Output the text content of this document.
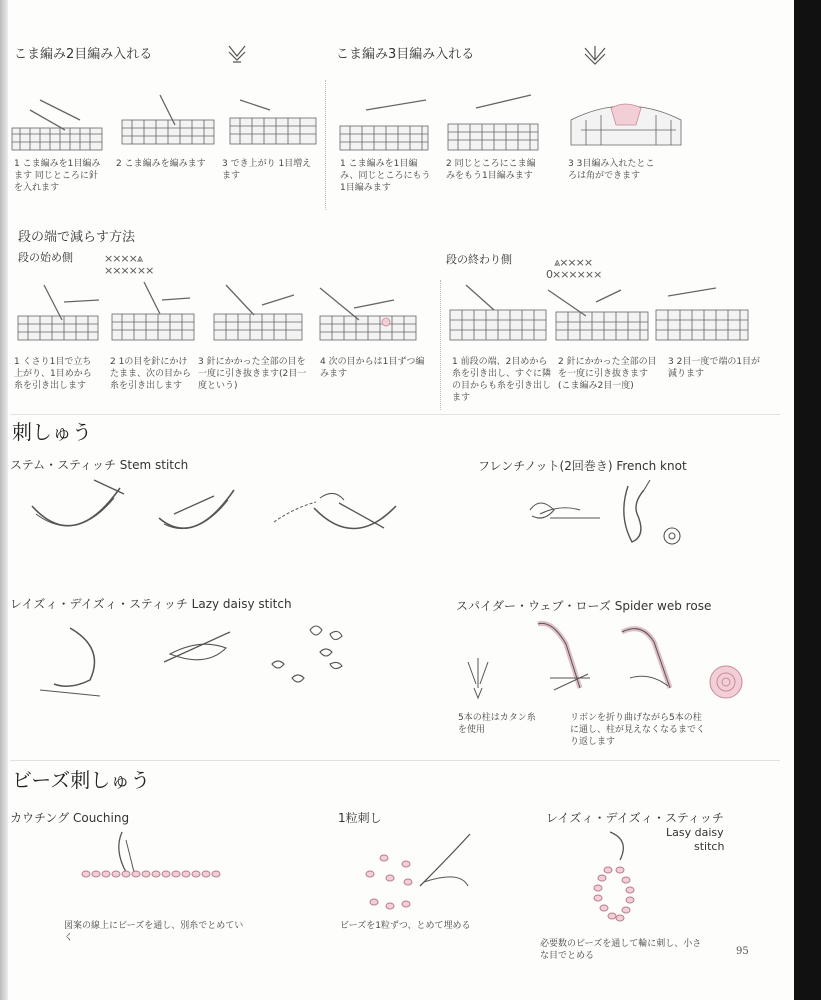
こま編み2目編み入れる	こま編み3目編み入れる
1 こま編みを1目編みます 同じところに針を入れます
2 こま編みを編みます 3 でき上がり 1目増えます
1 こま編みを1目編み、同じところにもう1目編みます
2 同じところにこま編みをもう1目編みます
3 3目編み入れたところは角ができます
段の端で減らす方法
段の始め側	××××⩓
××××××
段の終わり側	⩓××××
0××××××
1 くさり1目で立ち上がり、1目めから糸を引き出します
2 1の目を針にかけたまま、次の目から糸を引き出します
3 針にかかった全部の目を一度に引き抜きます(2目一度という)
4 次の目からは1目ずつ編みます
1 前段の端、2目めから糸を引き出し、すぐに隣の目からも糸を引き出します
2 針にかかった全部の目を一度に引き抜きます(こま編み2目一度)
3 2目一度で端の1目が減ります
刺しゅう
ステム・スティッチ Stem stitch	フレンチノット(2回巻き) French knot
レイズィ・デイズィ・スティッチ Lazy daisy stitch	スパイダー・ウェブ・ローズ Spider web rose
5本の柱はカタン糸を使用
リボンを折り曲げながら5本の柱に通し、柱が見えなくなるまでくり返します
ビーズ刺しゅう
カウチング Couching	1粒刺し	レイズィ・デイズィ・スティッチ
Lasy daisy
stitch
図案の線上にビーズを通し、別糸でとめていく
ビーズを1粒ずつ、とめて埋める
必要数のビーズを通して輪に刺し、小さな目でとめる	95
